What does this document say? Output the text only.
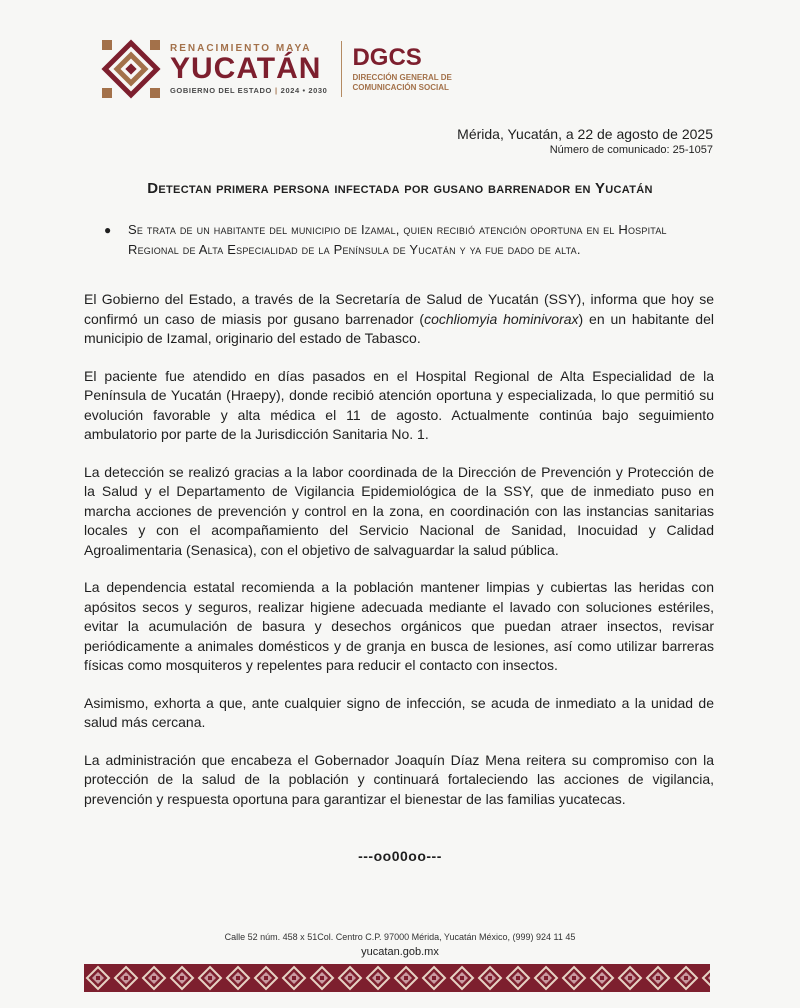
RENACIMIENTO MAYA
YUCATÁN
GOBIERNO DEL ESTADO | 2024 • 2030
DGCS
DIRECCIÓN GENERAL DE
COMUNICACIÓN SOCIAL
Mérida, Yucatán, a 22 de agosto de 2025
Número de comunicado: 25-1057
Detectan primera persona infectada por gusano barrenador en Yucatán
●	Se trata de un habitante del municipio de Izamal, quien recibió atención oportuna en el Hospital Regional de Alta Especialidad de la Península de Yucatán y ya fue dado de alta.

El Gobierno del Estado, a través de la Secretaría de Salud de Yucatán (SSY), informa que hoy se confirmó un caso de miasis por gusano barrenador (cochliomyia hominivorax) en un habitante del municipio de Izamal, originario del estado de Tabasco.

El paciente fue atendido en días pasados en el Hospital Regional de Alta Especialidad de la Península de Yucatán (Hraepy), donde recibió atención oportuna y especializada, lo que permitió su evolución favorable y alta médica el 11 de agosto. Actualmente continúa bajo seguimiento ambulatorio por parte de la Jurisdicción Sanitaria No. 1.

La detección se realizó gracias a la labor coordinada de la Dirección de Prevención y Protección de la Salud y el Departamento de Vigilancia Epidemiológica de la SSY, que de inmediato puso en marcha acciones de prevención y control en la zona, en coordinación con las instancias sanitarias locales y con el acompañamiento del Servicio Nacional de Sanidad, Inocuidad y Calidad Agroalimentaria (Senasica), con el objetivo de salvaguardar la salud pública.

La dependencia estatal recomienda a la población mantener limpias y cubiertas las heridas con apósitos secos y seguros, realizar higiene adecuada mediante el lavado con soluciones estériles, evitar la acumulación de basura y desechos orgánicos que puedan atraer insectos, revisar periódicamente a animales domésticos y de granja en busca de lesiones, así como utilizar barreras físicas como mosquiteros y repelentes para reducir el contacto con insectos.

Asimismo, exhorta a que, ante cualquier signo de infección, se acuda de inmediato a la unidad de salud más cercana.

La administración que encabeza el Gobernador Joaquín Díaz Mena reitera su compromiso con la protección de la salud de la población y continuará fortaleciendo las acciones de vigilancia, prevención y respuesta oportuna para garantizar el bienestar de las familias yucatecas.

---oo00oo---
Calle 52 núm. 458 x 51Col. Centro C.P. 97000 Mérida, Yucatán México, (999) 924 11 45
yucatan.gob.mx
